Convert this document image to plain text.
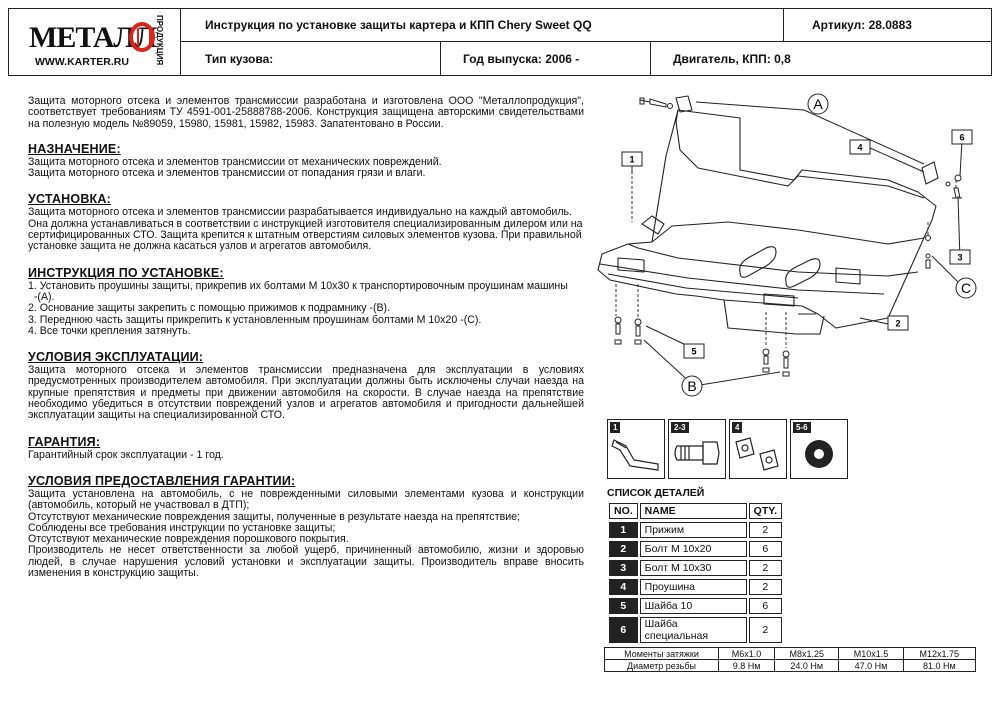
МЕТАЛЛ
ПРОДУКЦИЯ
WWW.KARTER.RU
Инструкция по установке защиты картера и КПП Chery Sweet QQ	Артикул: 28.0883
Тип кузова:	Год выпуска: 2006 -	Двигатель, КПП: 0,8

Защита моторного отсека и элементов трансмиссии разработана и изготовлена ООО "Металлопродукция", соответствует требованиям ТУ 4591-001-25888788-2006. Конструкция защищена авторскими свидетельствами на полезную модель №89059, 15980, 15981, 15982, 15983. Запатентовано в России.

НАЗНАЧЕНИЕ:

Защита моторного отсека и элементов трансмиссии от механических повреждений.

Защита моторного отсека и элементов трансмиссии от попадания грязи и влаги.

УСТАНОВКА:

Защита моторного отсека и элементов трансмиссии разрабатывается индивидуально на каждый автомобиль. Она должна устанавливаться в соответствии с инструкцией изготовителя специализированным дилером или на сертифицированных СТО. Защита крепится к штатным отверстиям силовых элементов кузова. При правильной установке защита не должна касаться узлов и агрегатов автомобиля.

ИНСТРУКЦИЯ ПО УСТАНОВКЕ:

1. Установить проушины защиты, прикрепив их болтами М 10х30 к транспортировочным проушинам машины

-(А).

2. Основание защиты закрепить с помощью прижимов к подрамнику -(В).

3. Переднюю часть защиты прикрепить к установленным проушинам болтами М 10х20 -(С).

4. Все точки крепления затянуть.

УСЛОВИЯ ЭКСПЛУАТАЦИИ:

Защита моторного отсека и элементов трансмиссии предназначена для эксплуатации в условиях предусмотренных производителем автомобиля. При эксплуатации должны быть исключены случаи наезда на крупные препятствия и предметы при движении автомобиля на скорости. В случае наезда на препятствие необходимо убедиться в отсутствии повреждений узлов и агрегатов автомобиля и пригодности дальнейшей эксплуатации защиты на специализированной СТО.

ГАРАНТИЯ:

Гарантийный срок эксплуатации - 1 год.

УСЛОВИЯ ПРЕДОСТАВЛЕНИЯ ГАРАНТИИ:

Защита установлена на автомобиль, с не поврежденными силовыми элементами кузова и конструкции (автомобиль, который не участвовал в ДТП);

Отсутствуют механические повреждения защиты, полученные в результате наезда на препятствие;

Соблюдены все требования инструкции по установке защиты;

Отсутствуют механические повреждения порошкового покрытия.

Производитель не несет ответственности за любой ущерб, причиненный автомобилю, жизни и здоровью людей, в случае нарушения условий установки и эксплуатации защиты. Производитель вправе вносить изменения в конструкцию защиты.

1
2
3
4
5
6
A
B
C
1	2-3	4	5-6
СПИСОК ДЕТАЛЕЙ
NO.	NAME	QTY.
1	Прижим	2
2	Болт М 10х20	6
3	Болт М 10х30	2
4	Проушина	2
5	Шайба 10	6
6	Шайба специальная	2
Моменты затяжки	M6x1.0	M8x1.25	M10x1.5	M12x1.75
Диаметр резьбы	9.8 Нм	24.0 Нм	47.0 Нм	81.0 Нм
